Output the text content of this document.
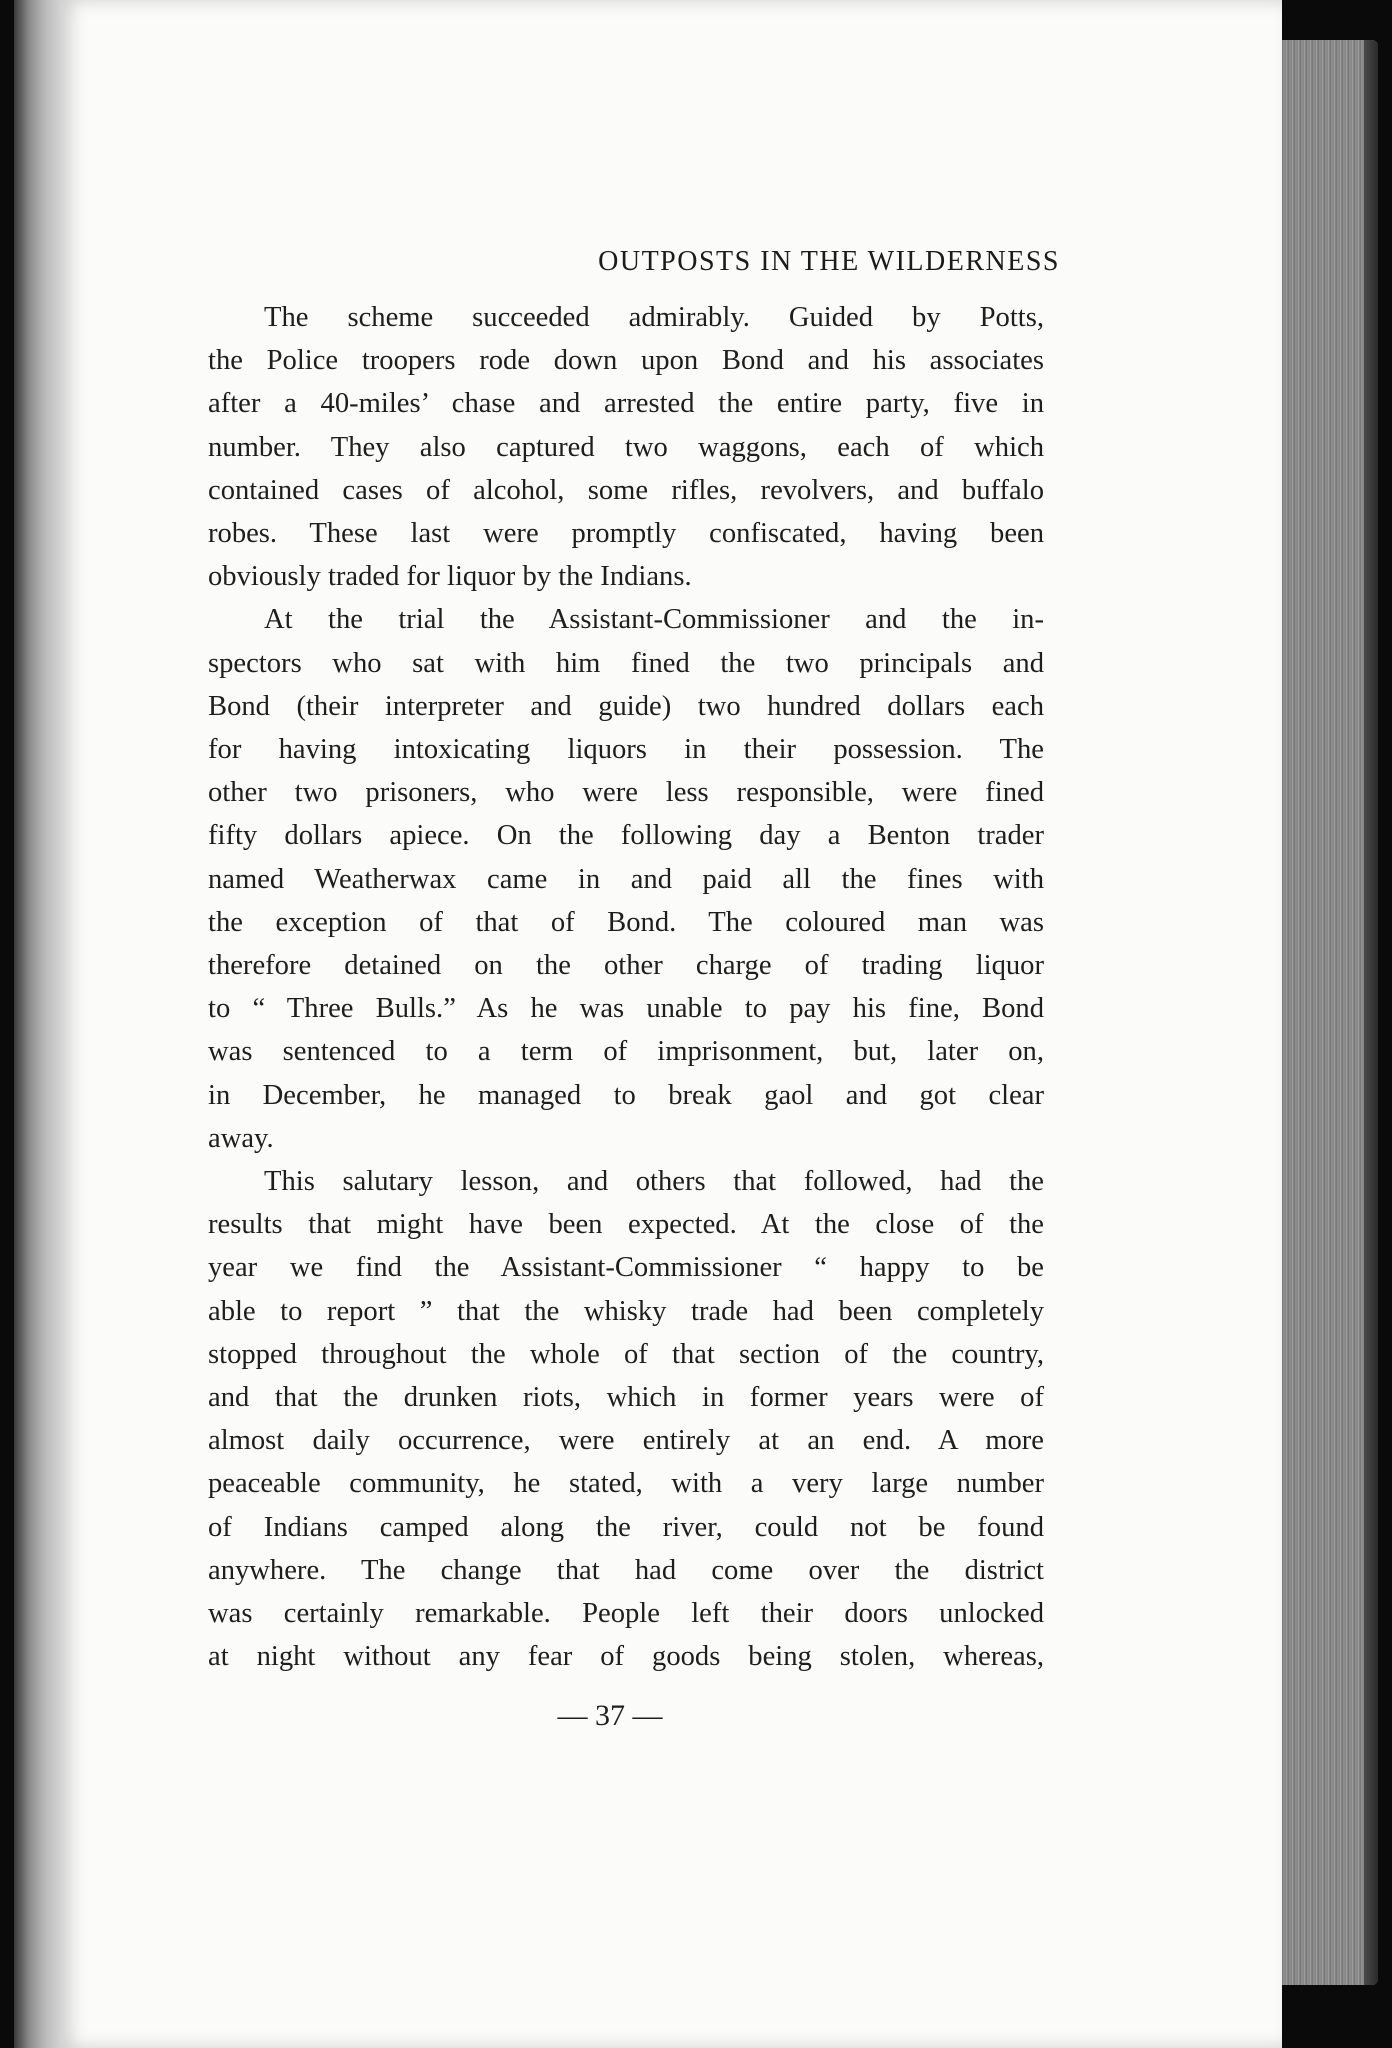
OUTPOSTS IN THE WILDERNESS

The scheme succeeded admirably. Guided by Potts,
the Police troopers rode down upon Bond and his associates
after a 40-miles’ chase and arrested the entire party, five in
number. They also captured two waggons, each of which
contained cases of alcohol, some rifles, revolvers, and buffalo
robes. These last were promptly confiscated, having been
obviously traded for liquor by the Indians.

At the trial the Assistant-Commissioner and the in-
spectors who sat with him fined the two principals and
Bond (their interpreter and guide) two hundred dollars each
for having intoxicating liquors in their possession. The
other two prisoners, who were less responsible, were fined
fifty dollars apiece. On the following day a Benton trader
named Weatherwax came in and paid all the fines with
the exception of that of Bond. The coloured man was
therefore detained on the other charge of trading liquor
to “ Three Bulls.” As he was unable to pay his fine, Bond
was sentenced to a term of imprisonment, but, later on,
in December, he managed to break gaol and got clear
away.

This salutary lesson, and others that followed, had the
results that might have been expected. At the close of the
year we find the Assistant-Commissioner “ happy to be
able to report ” that the whisky trade had been completely
stopped throughout the whole of that section of the country,
and that the drunken riots, which in former years were of
almost daily occurrence, were entirely at an end. A more
peaceable community, he stated, with a very large number
of Indians camped along the river, could not be found
anywhere. The change that had come over the district
was certainly remarkable. People left their doors unlocked
at night without any fear of goods being stolen, whereas,

— 37 —
